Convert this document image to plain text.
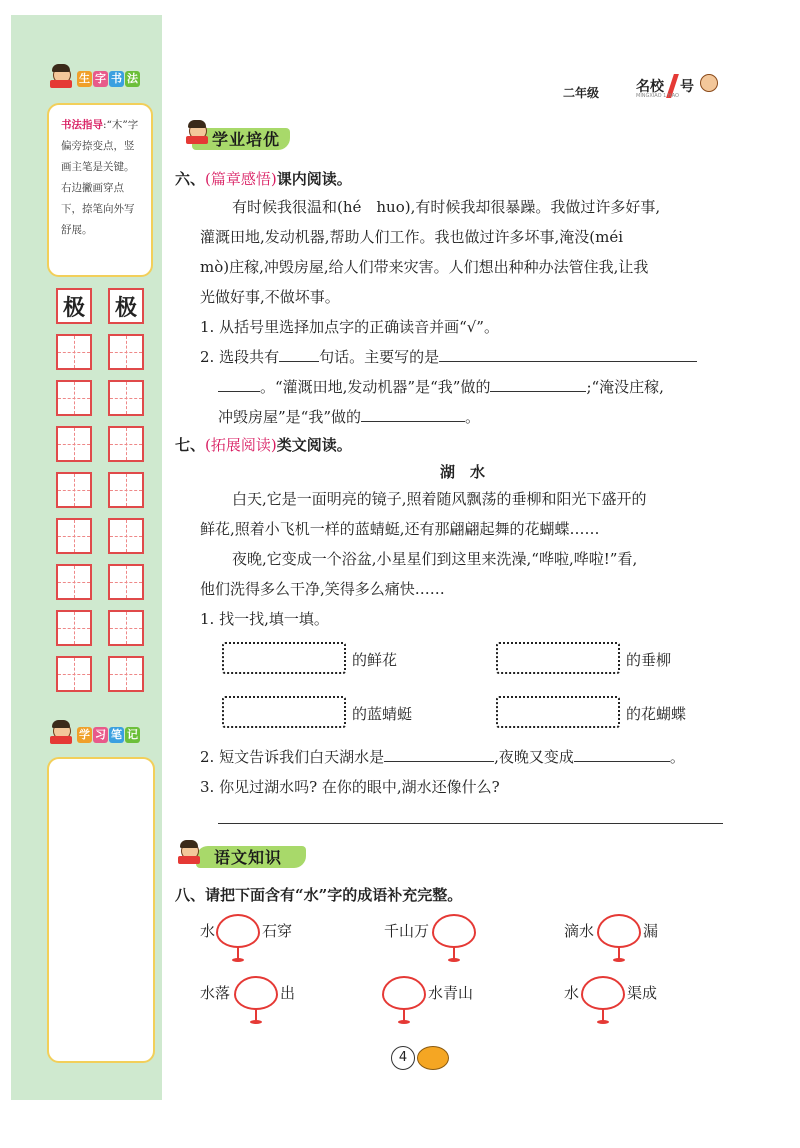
生 字 书 法
书法指导:“木”字偏旁捺变点，竖画主笔是关键。右边撇画穿点下，捺笔向外写舒展。
极	极
学 习 笔 记
二年级	名校 号
MINGXIAO 1 HAO
学业培优
六、(篇章感悟)课内阅读。
有时候我很温和(hé　huo),有时候我却很暴躁。我做过许多好事,
灌溉田地,发动机器,帮助人们工作。我也做过许多坏事,淹没(méi
mò)庄稼,冲毁房屋,给人们带来灾害。人们想出种种办法管住我,让我
光做好事,不做坏事。
1. 从括号里选择加点字的正确读音并画“√”。
2. 选段共有	句话。主要写的是
。“灌溉田地,发动机器”是“我”做的	;“淹没庄稼,
冲毁房屋”是“我”做的	。
七、(拓展阅读)类文阅读。
湖　水
白天,它是一面明亮的镜子,照着随风飘荡的垂柳和阳光下盛开的
鲜花,照着小飞机一样的蓝蜻蜓,还有那翩翩起舞的花蝴蝶……
夜晚,它变成一个浴盆,小星星们到这里来洗澡,“哗啦,哗啦!”看,
他们洗得多么干净,笑得多么痛快……
1. 找一找,填一填。
的鲜花	的垂柳
的蓝蜻蜓	的花蝴蝶
2. 短文告诉我们白天湖水是	,夜晚又变成	。
3. 你见过湖水吗? 在你的眼中,湖水还像什么?
语文知识
八、请把下面含有“水”字的成语补充完整。
水	石穿	千山万	滴水	漏
水落	出	水青山	水	渠成
4
